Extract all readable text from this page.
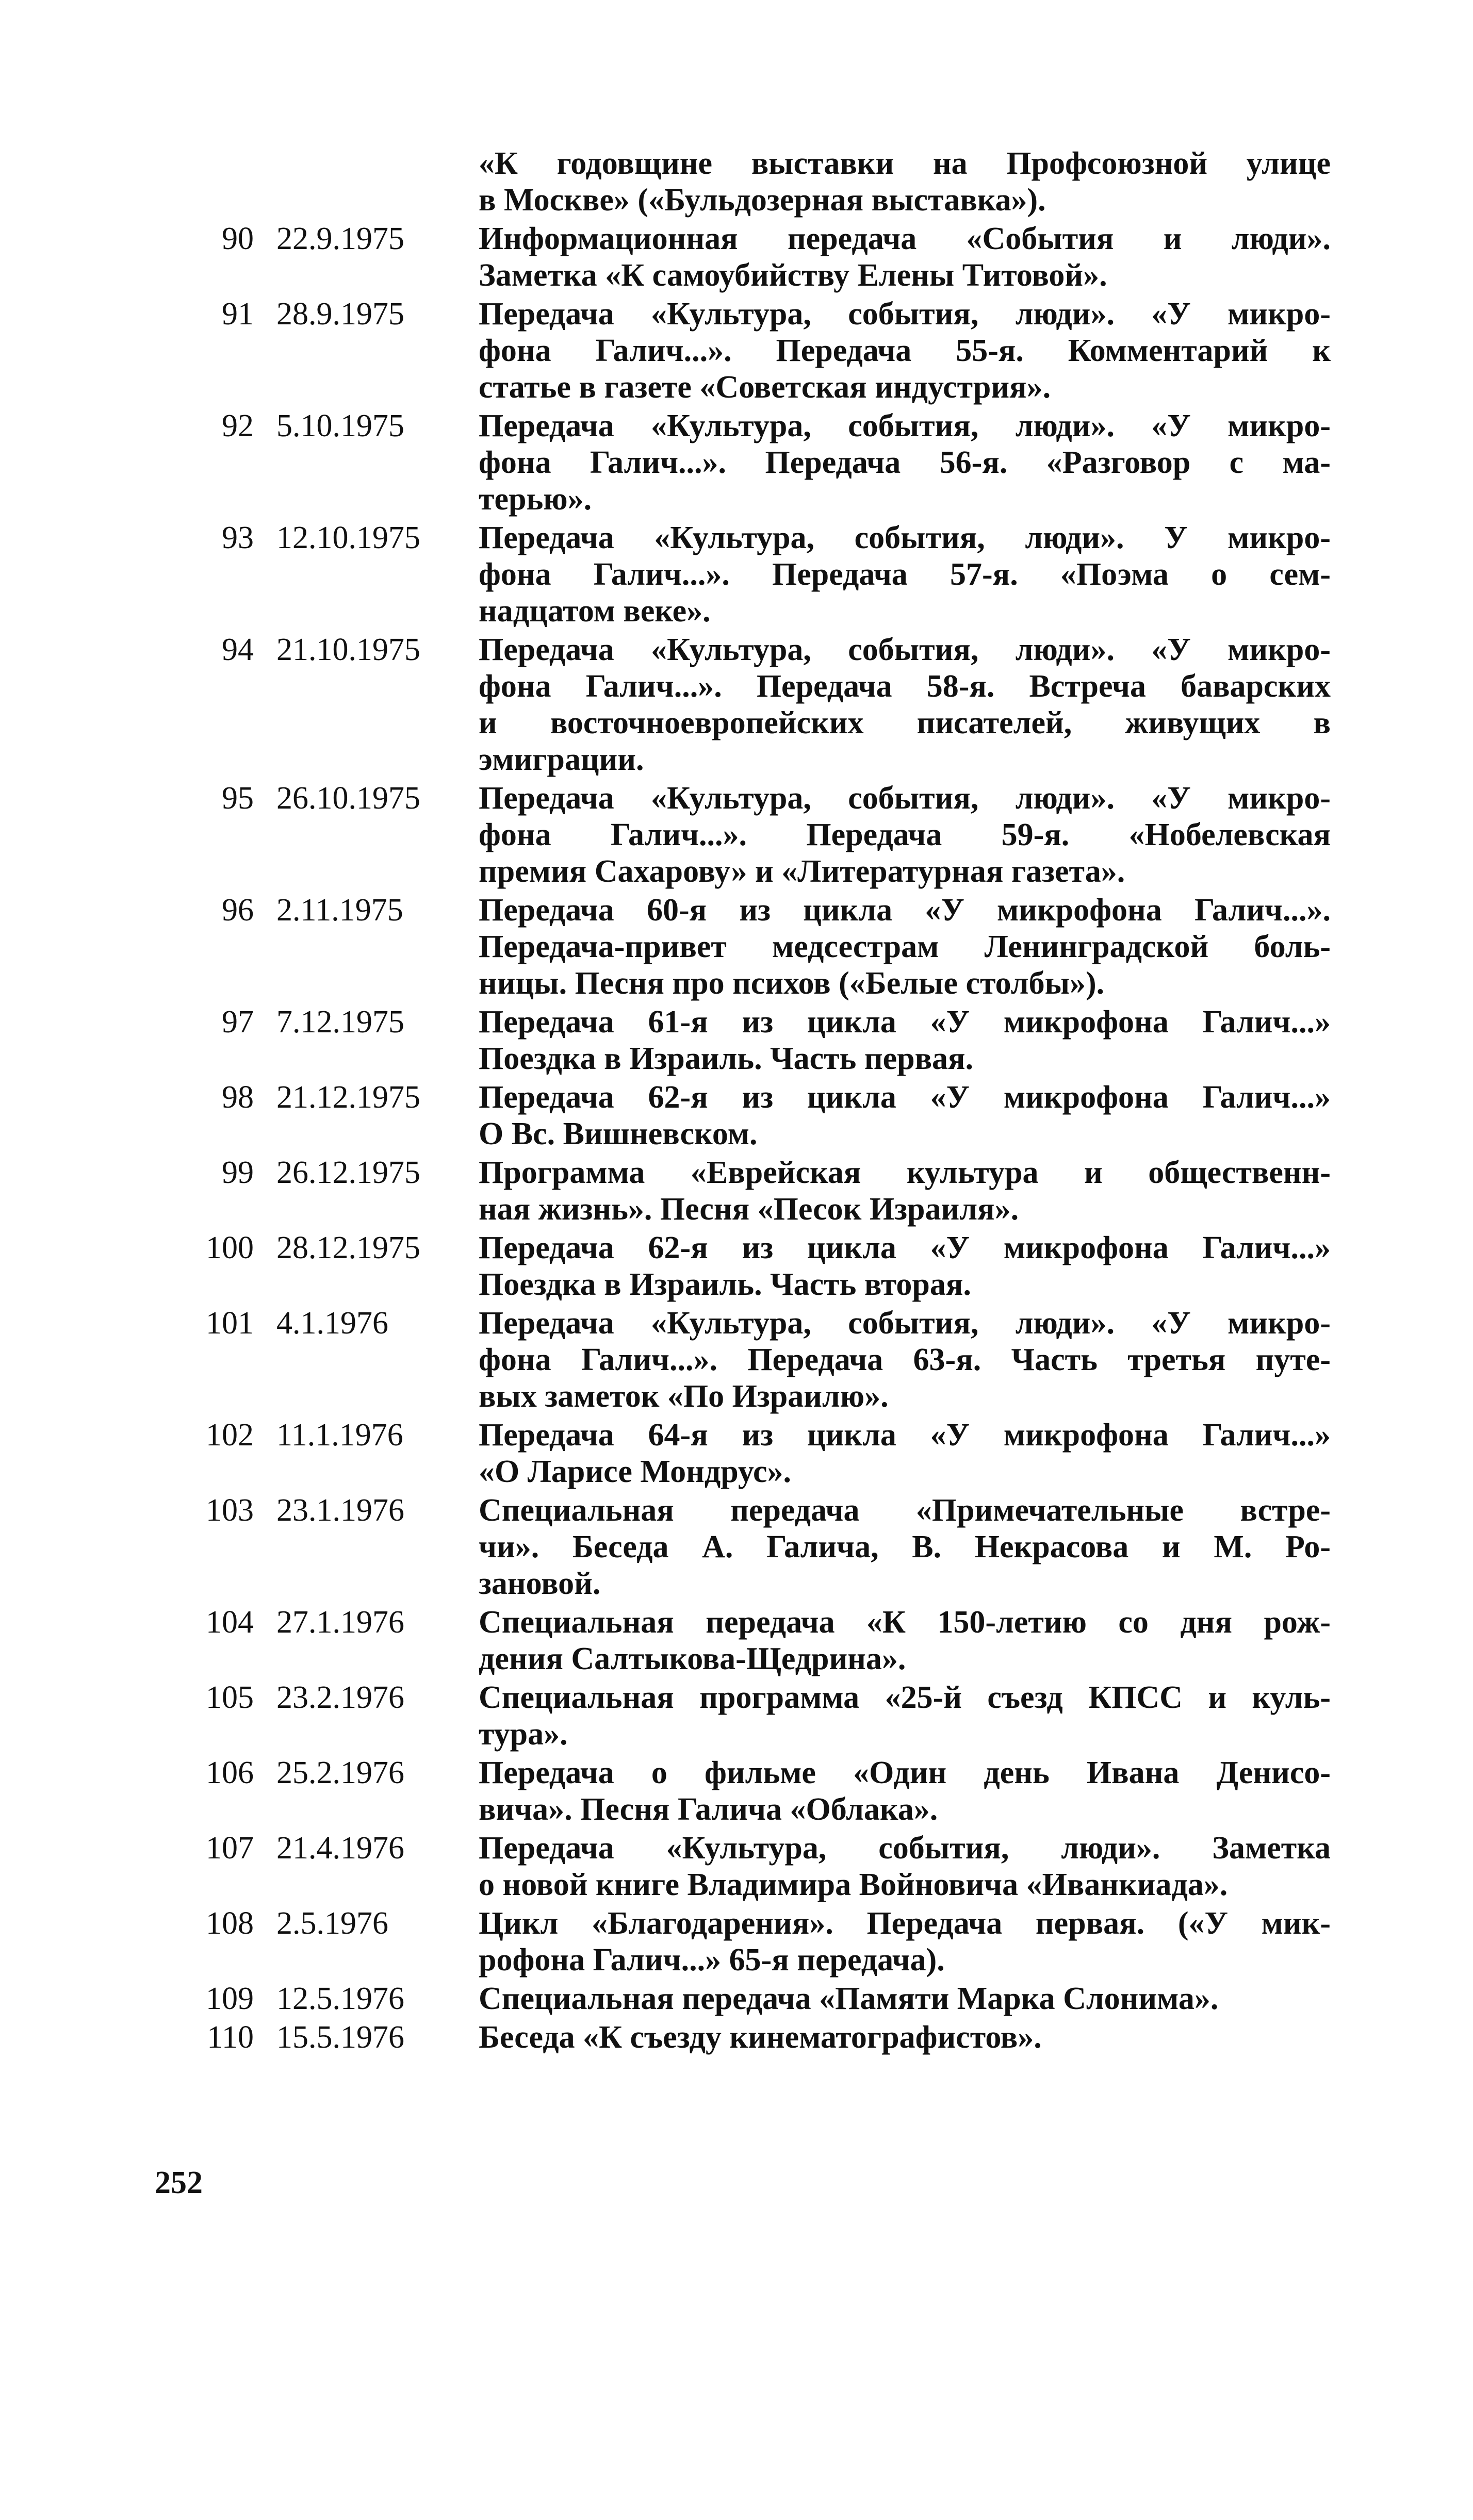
«К годовщине выставки на Профсоюзной улице
в Москве» («Бульдозерная выставка»).
90 22.9.1975	Информационная передача «События и люди».
Заметка «К самоубийству Елены Титовой».
91 28.9.1975	Передача «Культура, события, люди». «У микро-
фона Галич...». Передача 55-я. Комментарий к
статье в газете «Советская индустрия».
92 5.10.1975	Передача «Культура, события, люди». «У микро-
фона Галич...». Передача 56-я. «Разговор с ма-
терью».
93 12.10.1975	Передача «Культура, события, люди». У микро-
фона Галич...». Передача 57-я. «Поэма о сем-
надцатом веке».
94 21.10.1975	Передача «Культура, события, люди». «У микро-
фона Галич...». Передача 58-я. Встреча баварских
и восточноевропейских писателей, живущих в
эмиграции.
95 26.10.1975	Передача «Культура, события, люди». «У микро-
фона Галич...». Передача 59-я. «Нобелевская
премия Сахарову» и «Литературная газета».
96 2.11.1975	Передача 60-я из цикла «У микрофона Галич...».
Передача-привет медсестрам Ленинградской боль-
ницы. Песня про психов («Белые столбы»).
97 7.12.1975	Передача 61-я из цикла «У микрофона Галич...»
Поездка в Израиль. Часть первая.
98 21.12.1975	Передача 62-я из цикла «У микрофона Галич...»
О Вс. Вишневском.
99 26.12.1975	Программа «Еврейская культура и общественн-
ная жизнь». Песня «Песок Израиля».
100 28.12.1975	Передача 62-я из цикла «У микрофона Галич...»
Поездка в Израиль. Часть вторая.
101 4.1.1976	Передача «Культура, события, люди». «У микро-
фона Галич...». Передача 63-я. Часть третья путе-
вых заметок «По Израилю».
102 11.1.1976	Передача 64-я из цикла «У микрофона Галич...»
«О Ларисе Мондрус».
103 23.1.1976	Специальная передача «Примечательные встре-
чи». Беседа А. Галича, В. Некрасова и М. Ро-
зановой.
104 27.1.1976	Специальная передача «К 150-летию со дня рож-
дения Салтыкова-Щедрина».
105 23.2.1976	Специальная программа «25-й съезд КПСС и куль-
тура».
106 25.2.1976	Передача о фильме «Один день Ивана Денисо-
вича». Песня Галича «Облака».
107 21.4.1976	Передача «Культура, события, люди». Заметка
о новой книге Владимира Войновича «Иванкиада».
108 2.5.1976	Цикл «Благодарения». Передача первая. («У мик-
рофона Галич...» 65-я передача).
109 12.5.1976	Специальная передача «Памяти Марка Слонима».
110 15.5.1976	Беседа «К съезду кинематографистов».
252
